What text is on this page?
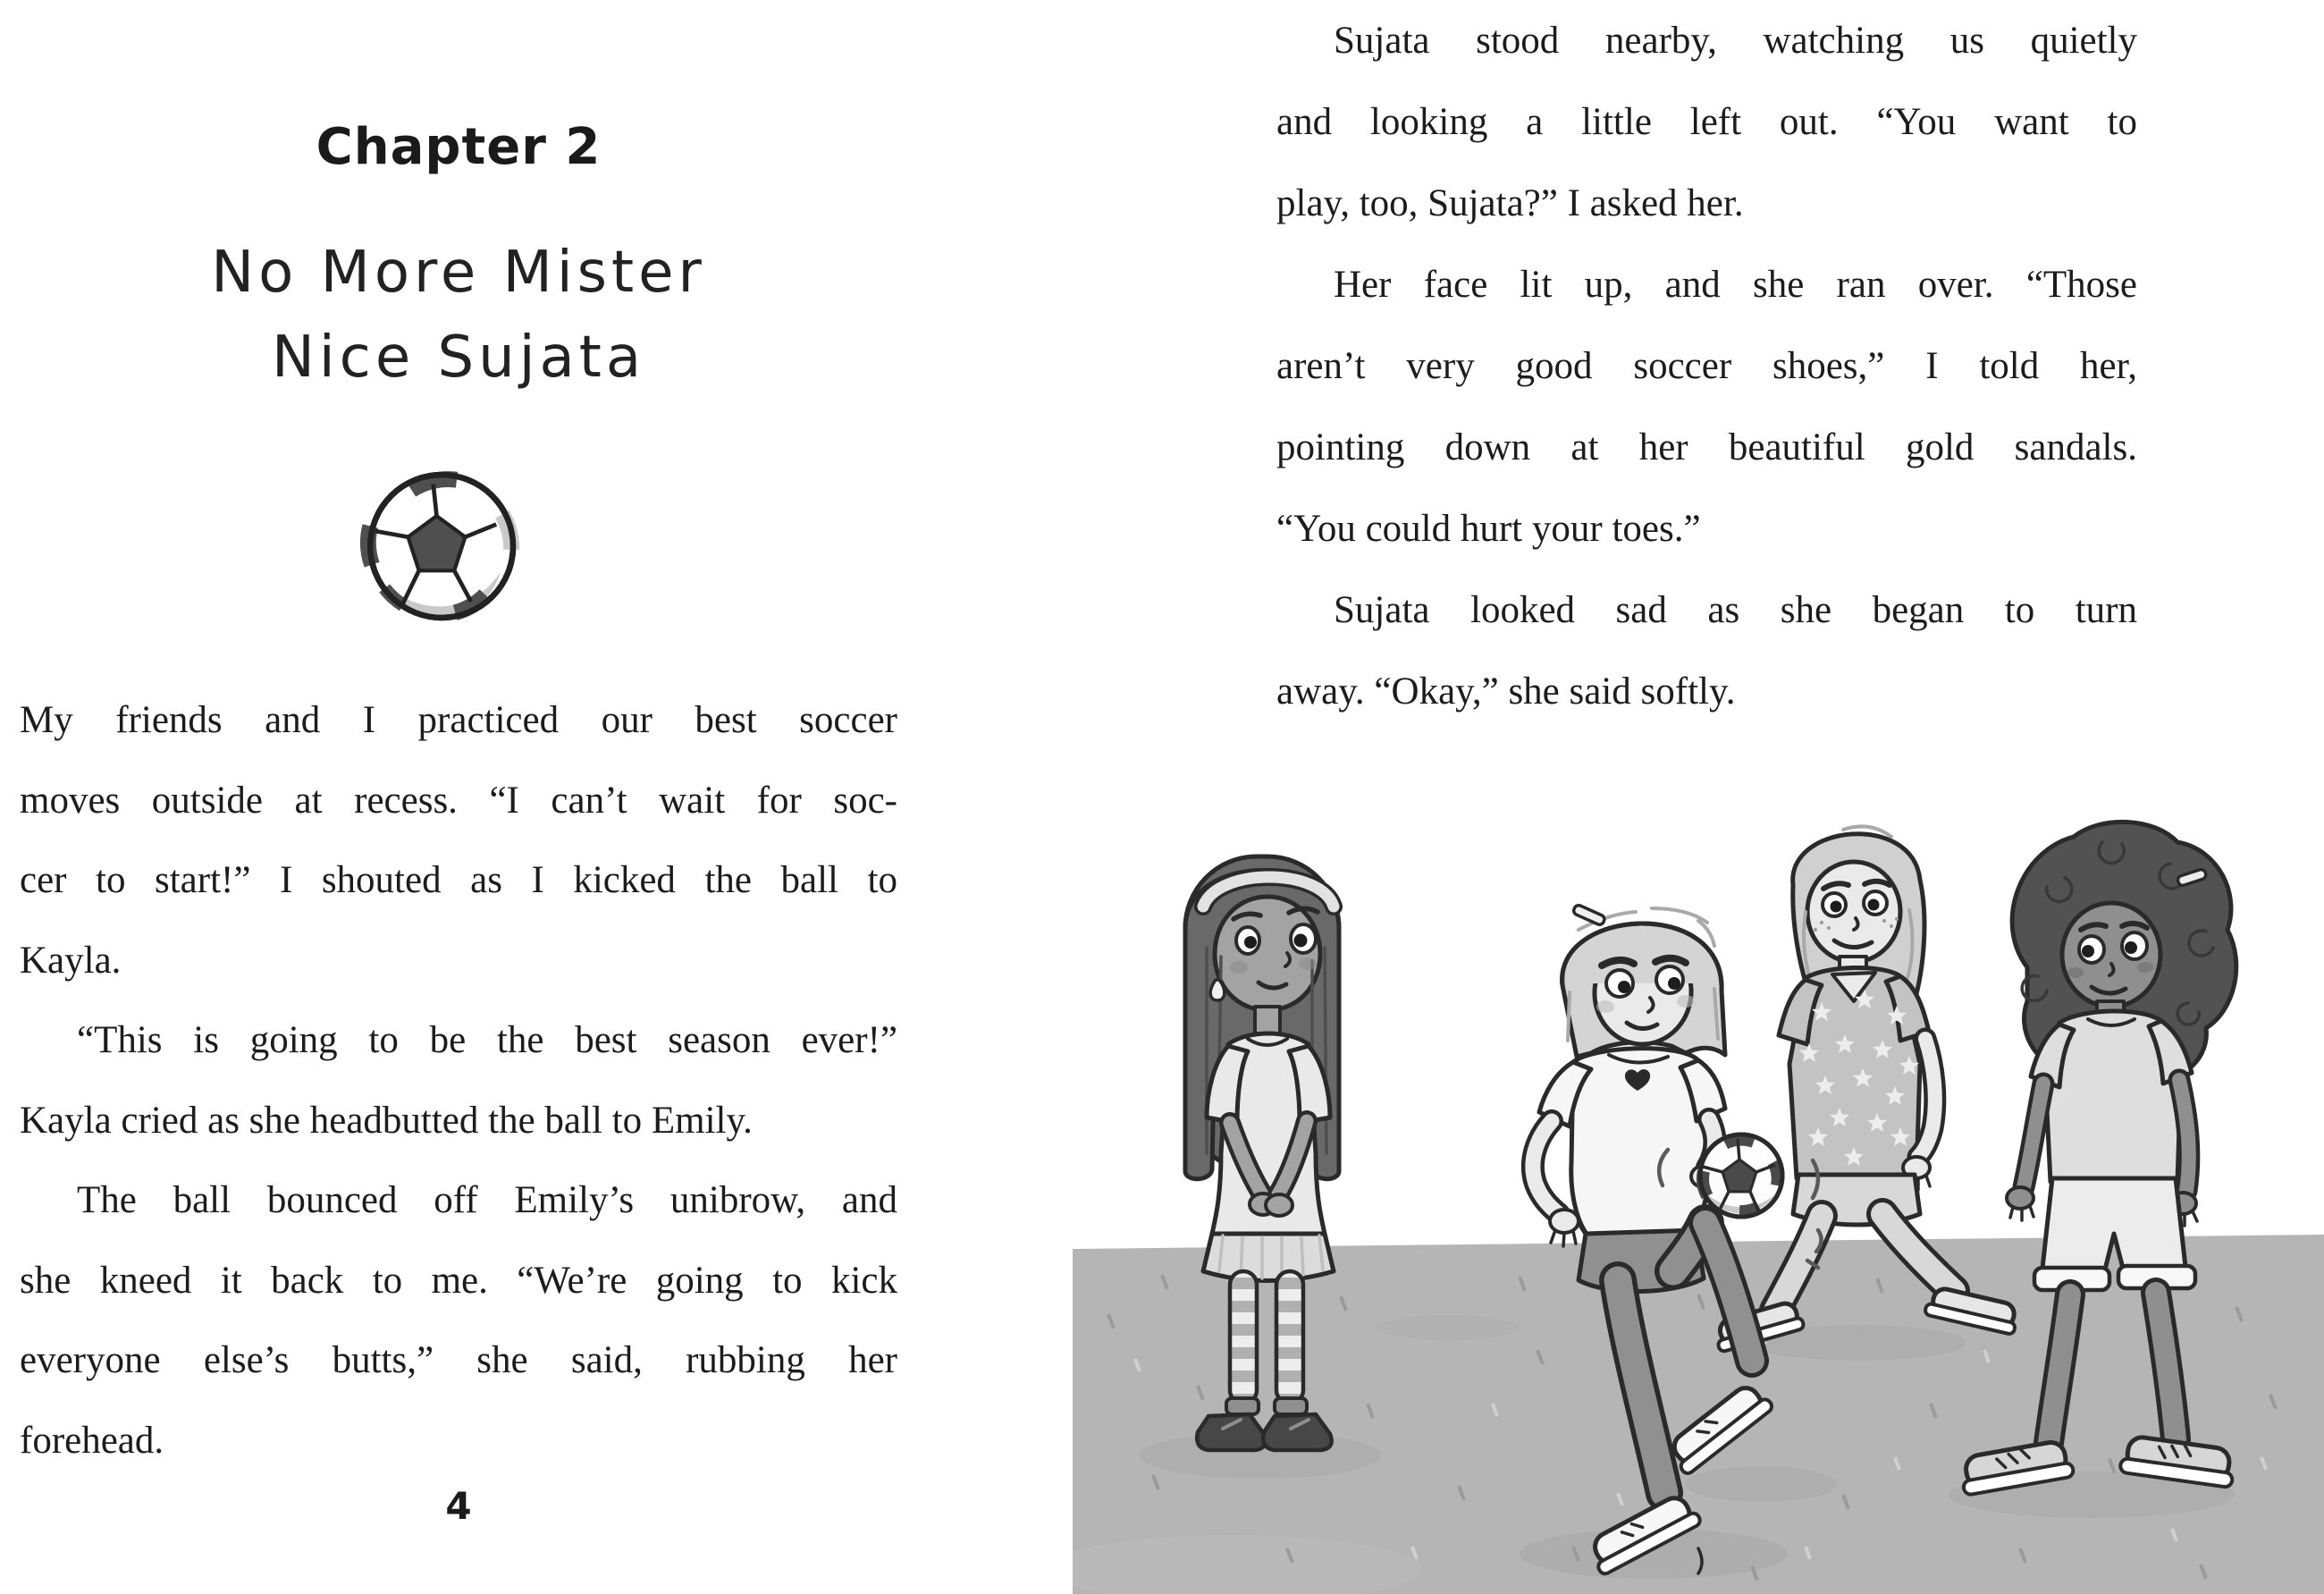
Chapter 2
No More Mister
Nice Sujata
My friends and I practiced our best soccer
moves outside at recess. “I can’t wait for soc-
cer to start!” I shouted as I kicked the ball to
Kayla.
“This is going to be the best season ever!”
Kayla cried as she headbutted the ball to Emily.
The ball bounced off Emily’s unibrow, and
she kneed it back to me. “We’re going to kick
everyone else’s butts,” she said, rubbing her
forehead.
4
Sujata stood nearby, watching us quietly
and looking a little left out. “You want to
play, too, Sujata?” I asked her.
Her face lit up, and she ran over. “Those
aren’t very good soccer shoes,” I told her,
pointing down at her beautiful gold sandals.
“You could hurt your toes.”
Sujata looked sad as she began to turn
away. “Okay,” she said softly.
